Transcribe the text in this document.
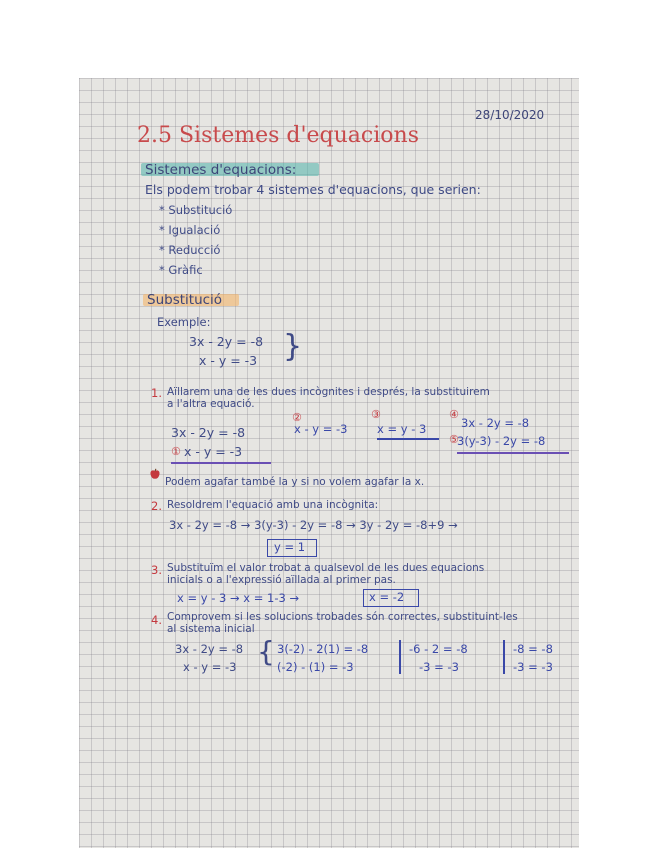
28/10/2020
2.5 Sistemes d'equacions
Sistemes d'equacions:
Els podem trobar 4 sistemes d'equacions, que serien:
* Substitució
* Igualació
* Reducció
* Gràfic
Substitució
Exemple:
3x - 2y = -8
x - y = -3 }
1. Aïllarem una de les dues incògnites i després, la substituirem
a l'altra equació.
3x - 2y = -8
① x - y = -3
②
x - y = -3
③
x = y - 3
④
3x - 2y = -8
⑤
3(y-3) - 2y = -8
Podem agafar també la y si no volem agafar la x.
2. Resoldrem l'equació amb una incògnita:
3x - 2y = -8 → 3(y-3) - 2y = -8 → 3y - 2y = -8+9 →
y = 1
3. Substituïm el valor trobat a qualsevol de les dues equacions
inicials o a l'expressió aïllada al primer pas.
x = y - 3 → x = 1-3 →	x = -2
4. Comprovem si les solucions trobades són correctes, substituint-les
al sistema inicial
3x - 2y = -8
x - y = -3 { 3(-2) - 2(1) = -8
(-2) - (1) = -3
-6 - 2 = -8
-3 = -3
-8 = -8
-3 = -3
